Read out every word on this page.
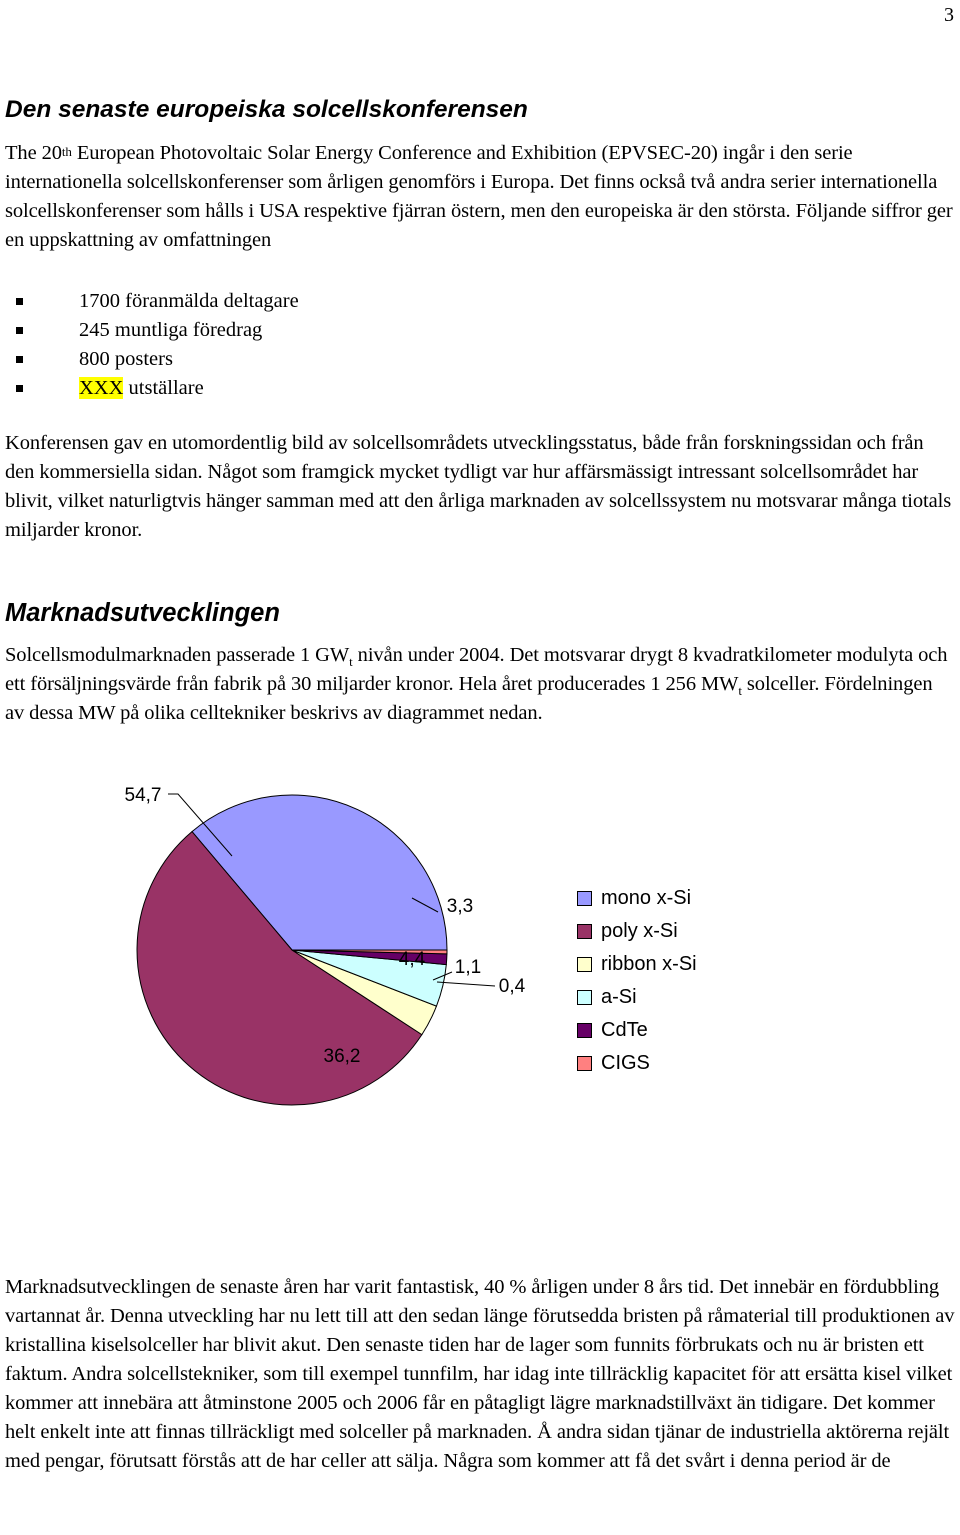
3
Den senaste europeiska solcellskonferensen

The 20th European Photovoltaic Solar Energy Conference and Exhibition (EPVSEC-20) ingår i den serie internationella solcellskonferenser som årligen genomförs i Europa. Det finns också två andra serier internationella solcellskonferenser som hålls i USA respektive fjärran östern, men den europeiska är den största. Följande siffror ger en uppskattning av omfattningen

1700 föranmälda deltagare
245 muntliga föredrag
800 posters
XXX utställare

Konferensen gav en utomordentlig bild av solcellsområdets utvecklingsstatus, både från forskningssidan och från den kommersiella sidan. Något som framgick mycket tydligt var hur affärsmässigt intressant solcellsområdet har blivit, vilket naturligtvis hänger samman med att den årliga marknaden av solcellssystem nu motsvarar många tiotals miljarder kronor.

Marknadsutvecklingen

Solcellsmodulmarknaden passerade 1 $GW_t$ nivån under 2004. Det motsvarar drygt 8 kvadratkilometer modulyta och ett försäljningsvärde från fabrik på 30 miljarder kronor. Hela året producerades 1 256 $MW_t$ solceller. Fördelningen av dessa MW på olika celltekniker beskrivs av diagrammet nedan.

36,2
54,7
3,3
4,4 1,1
0,4
mono x-Si
poly x-Si
ribbon x-Si
a-Si
CdTe
CIGS

Marknadsutvecklingen de senaste åren har varit fantastisk, 40 % årligen under 8 års tid. Det innebär en fördubbling vartannat år. Denna utveckling har nu lett till att den sedan länge förutsedda bristen på råmaterial till produktionen av kristallina kiselsolceller har blivit akut. Den senaste tiden har de lager som funnits förbrukats och nu är bristen ett faktum. Andra solcellstekniker, som till exempel tunnfilm, har idag inte tillräcklig kapacitet för att ersätta kisel vilket kommer att innebära att åtminstone 2005 och 2006 får en påtagligt lägre marknadstillväxt än tidigare. Det kommer helt enkelt inte att finnas tillräckligt med solceller på marknaden. Å andra sidan tjänar de industriella aktörerna rejält med pengar, förutsatt förstås att de har celler att sälja. Några som kommer att få det svårt i denna period är de
